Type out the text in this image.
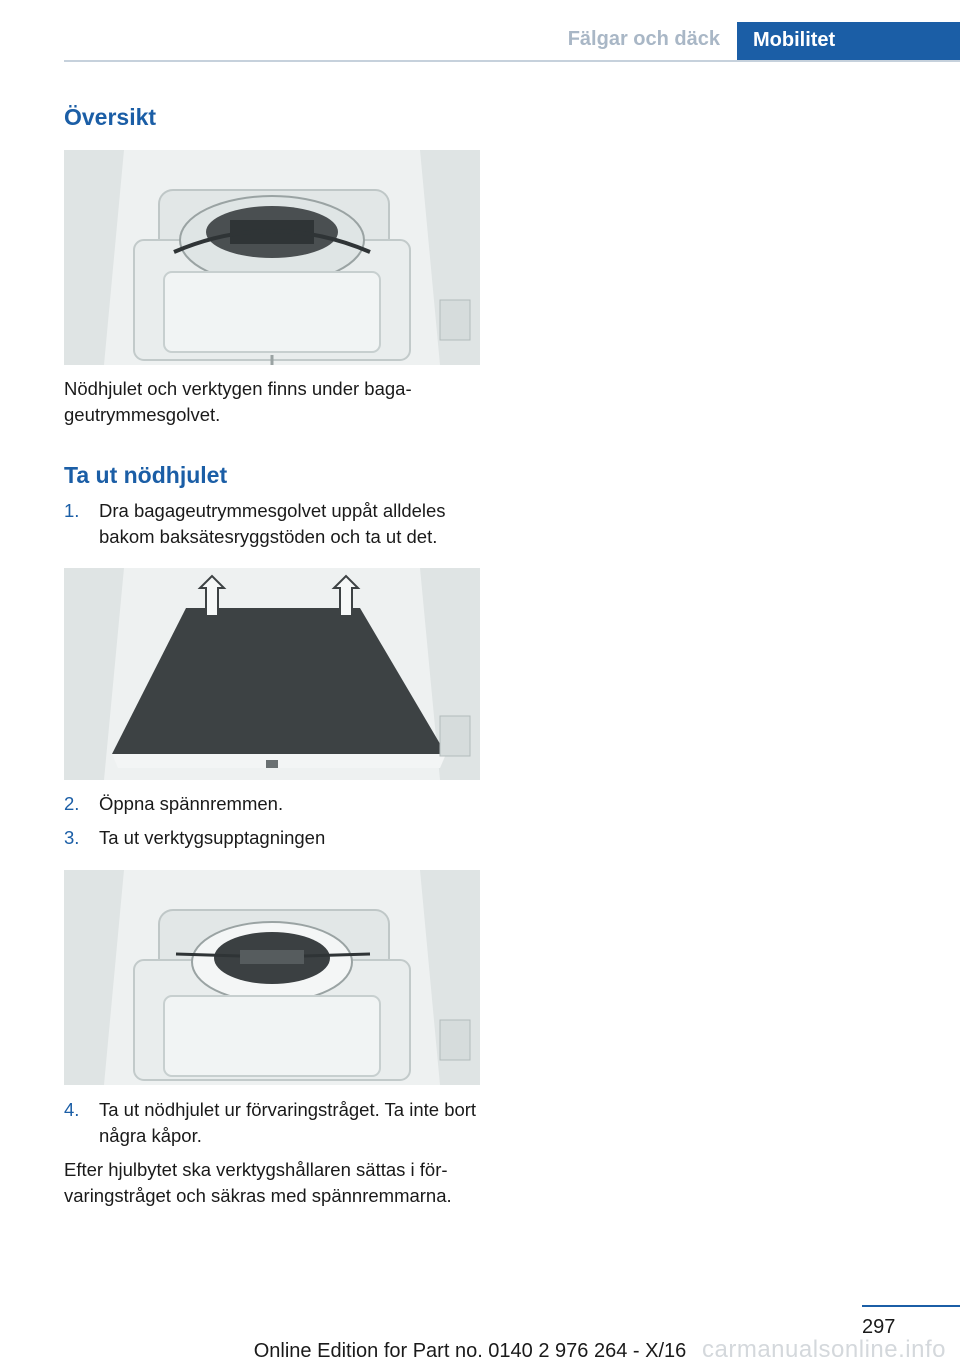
Fälgar och däck	Mobilitet
Översikt
Nödhjulet och verktygen finns under baga-
geutrymmesgolvet.
Ta ut nödhjulet
1. Dra bagageutrymmesgolvet uppåt alldeles bakom baksätesryggstöden och ta ut det.
2. Öppna spännremmen.
3. Ta ut verktygsupptagningen
4. Ta ut nödhjulet ur förvaringstråget. Ta inte bort några kåpor.
Efter hjulbytet ska verktygshållaren sättas i för-
varingstråget och säkras med spännremmarna.
297
Online Edition for Part no. 0140 2 976 264 - X/16 carmanualsonline.info
